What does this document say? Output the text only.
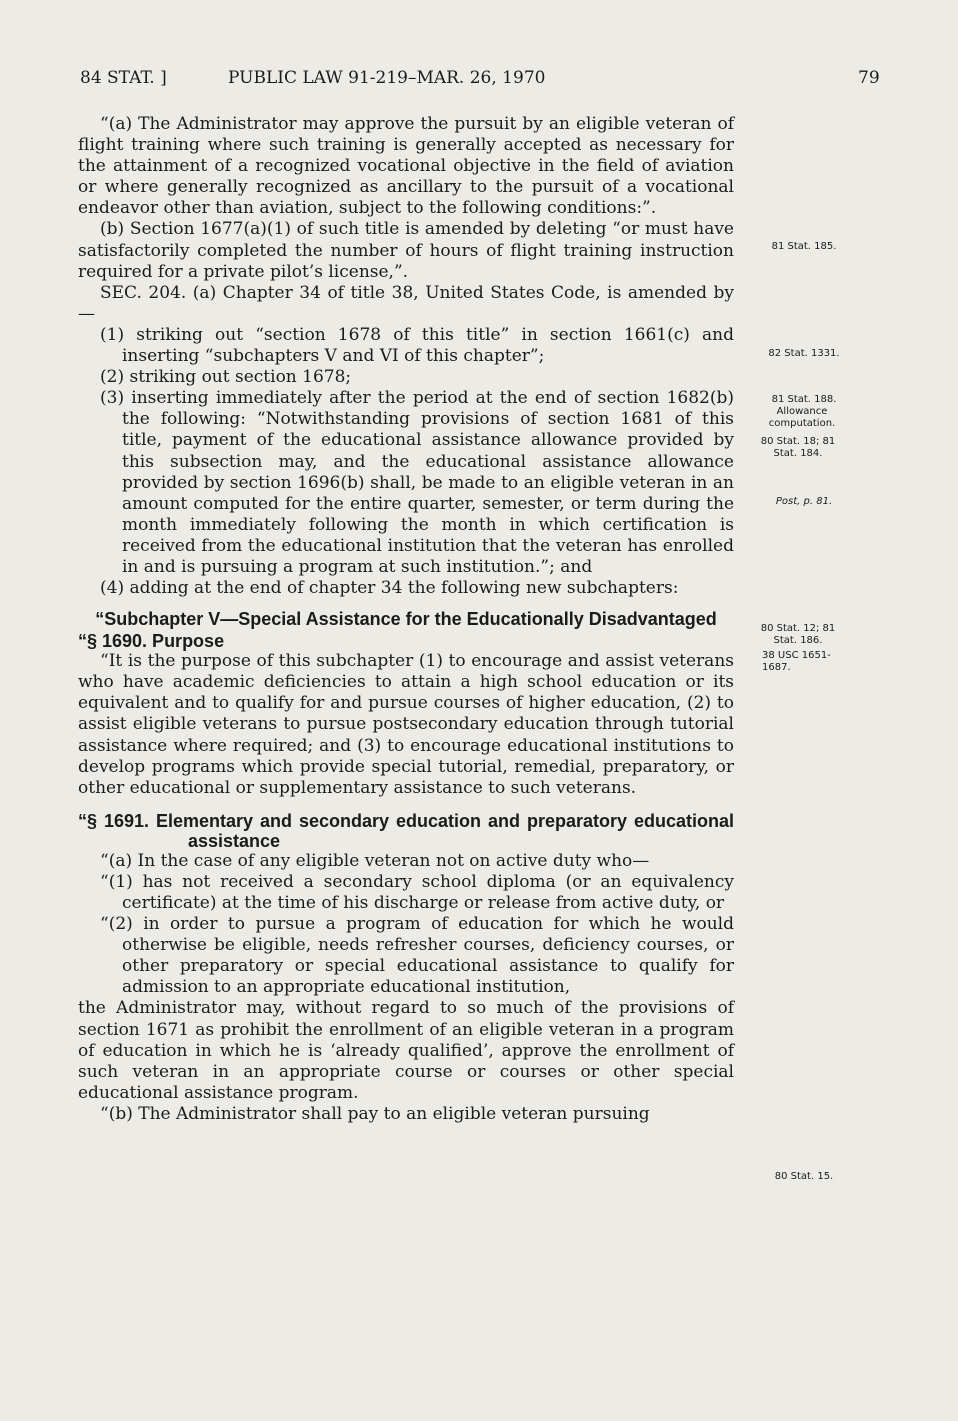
84 STAT. ]	PUBLIC LAW 91-219–MAR. 26, 1970	79

“(a) The Administrator may approve the pursuit by an eligible veteran of flight training where such training is generally accepted as necessary for the attainment of a recognized vocational objective in the field of aviation or where generally recognized as ancillary to the pursuit of a vocational endeavor other than aviation, subject to the following conditions:”.

(b) Section 1677(a)(1) of such title is amended by deleting “or must have satisfactorily completed the number of hours of flight training instruction required for a private pilot’s license,”.

SEC. 204. (a) Chapter 34 of title 38, United States Code, is amended by—

(1) striking out “section 1678 of this title” in section 1661(c) and inserting “subchapters V and VI of this chapter”;

(2) striking out section 1678;

(3) inserting immediately after the period at the end of section 1682(b) the following: “Notwithstanding provisions of section 1681 of this title, payment of the educational assistance allowance provided by this subsection may, and the educational assistance allowance provided by section 1696(b) shall, be made to an eligible veteran in an amount computed for the entire quarter, semester, or term during the month immediately following the month in which certification is received from the educational institution that the veteran has enrolled in and is pursuing a program at such institution.”; and

(4) adding at the end of chapter 34 the following new subchapters:

“Subchapter V—Special Assistance for the Educationally Disadvantaged

“§ 1690. Purpose

“It is the purpose of this subchapter (1) to encourage and assist veterans who have academic deficiencies to attain a high school education or its equivalent and to qualify for and pursue courses of higher education, (2) to assist eligible veterans to pursue postsecondary education through tutorial assistance where required; and (3) to encourage educational institutions to develop programs which provide special tutorial, remedial, preparatory, or other educational or supplementary assistance to such veterans.

“§ 1691. Elementary and secondary education and preparatory educational assistance

“(a) In the case of any eligible veteran not on active duty who—

“(1) has not received a secondary school diploma (or an equivalency certificate) at the time of his discharge or release from active duty, or

“(2) in order to pursue a program of education for which he would otherwise be eligible, needs refresher courses, deficiency courses, or other preparatory or special educational assistance to qualify for admission to an appropriate educational institution,

the Administrator may, without regard to so much of the provisions of section 1671 as prohibit the enrollment of an eligible veteran in a program of education in which he is ‘already qualified’, approve the enrollment of such veteran in an appropriate course or courses or other special educational assistance program.

“(b) The Administrator shall pay to an eligible veteran pursuing

81 Stat. 185.
82 Stat. 1331.
81 Stat. 188.
Allowance computation.
80 Stat. 18; 81 Stat. 184.
Post, p. 81.
80 Stat. 12; 81 Stat. 186.
38 USC 1651-1687.
80 Stat. 15.
